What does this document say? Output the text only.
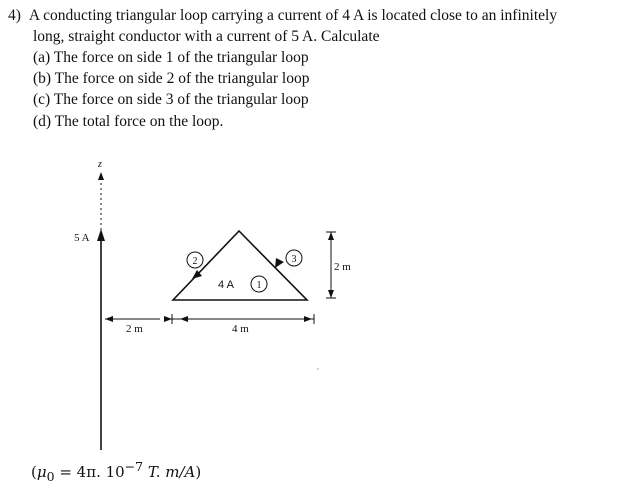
4) A conducting triangular loop carrying a current of 4 A is located close to an infinitely
long, straight conductor with a current of 5 A. Calculate
(a) The force on side 1 of the triangular loop
(b) The force on side 2 of the triangular loop
(c) The force on side 3 of the triangular loop
(d) The total force on the loop.
z
5 A
2	3
1
4 A
2 m
2 m	4 m
($\mu_0 = 4\pi$. $10^{-7}$ T. m/A)
